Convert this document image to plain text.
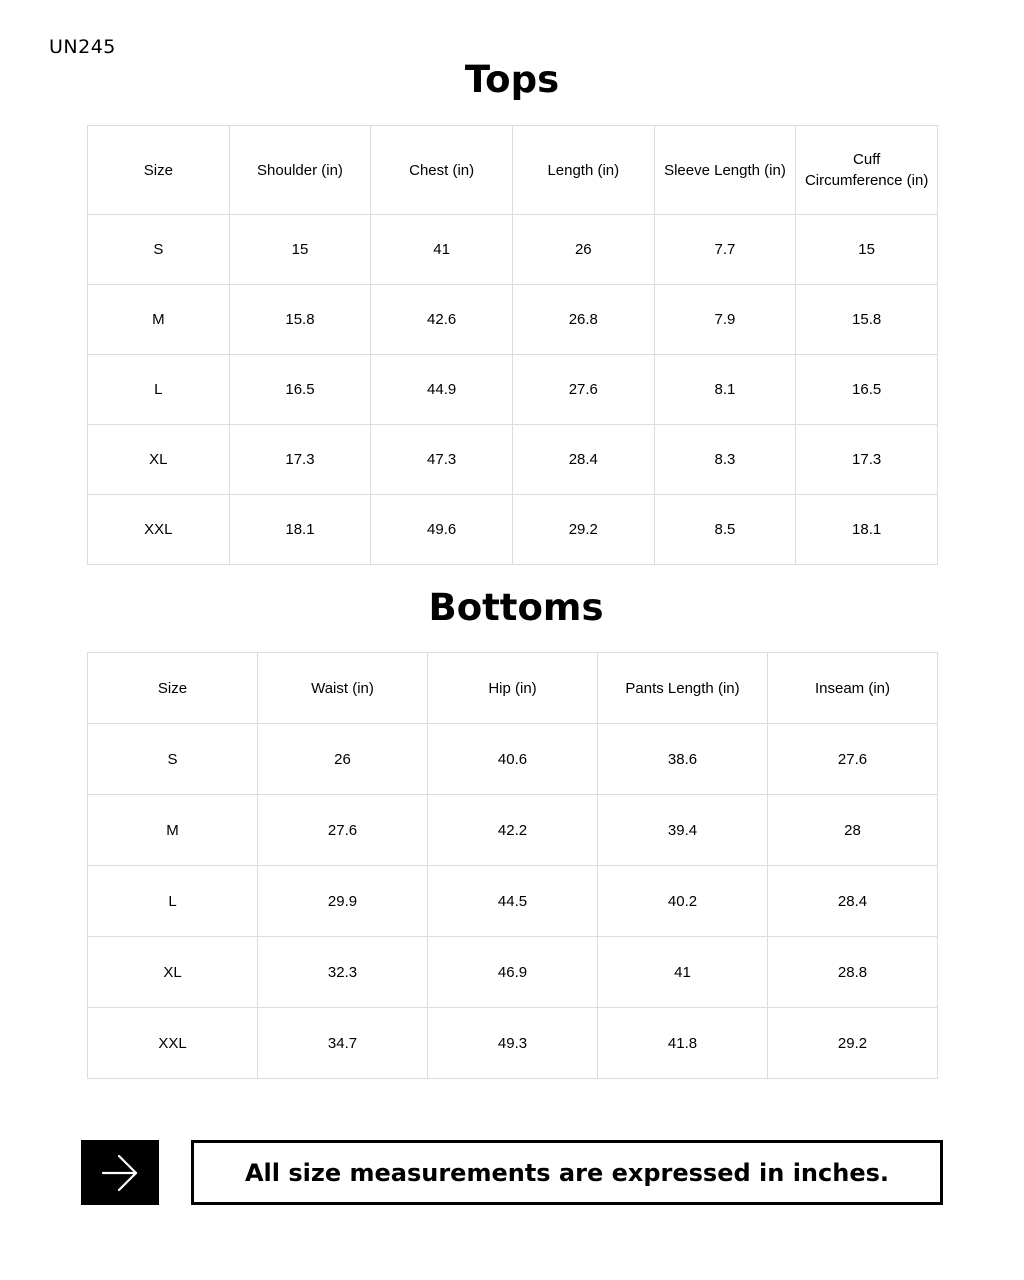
UN245
Tops
Size	Shoulder (in)	Chest (in)	Length (in)	Sleeve Length (in)	Cuff Circumference (in)
S	15	41	26	7.7	15
M	15.8	42.6	26.8	7.9	15.8
L	16.5	44.9	27.6	8.1	16.5
XL	17.3	47.3	28.4	8.3	17.3
XXL	18.1	49.6	29.2	8.5	18.1
Bottoms
Size	Waist (in)	Hip (in)	Pants Length (in)	Inseam (in)
S	26	40.6	38.6	27.6
M	27.6	42.2	39.4	28
L	29.9	44.5	40.2	28.4
XL	32.3	46.9	41	28.8
XXL	34.7	49.3	41.8	29.2
All size measurements are expressed in inches.
